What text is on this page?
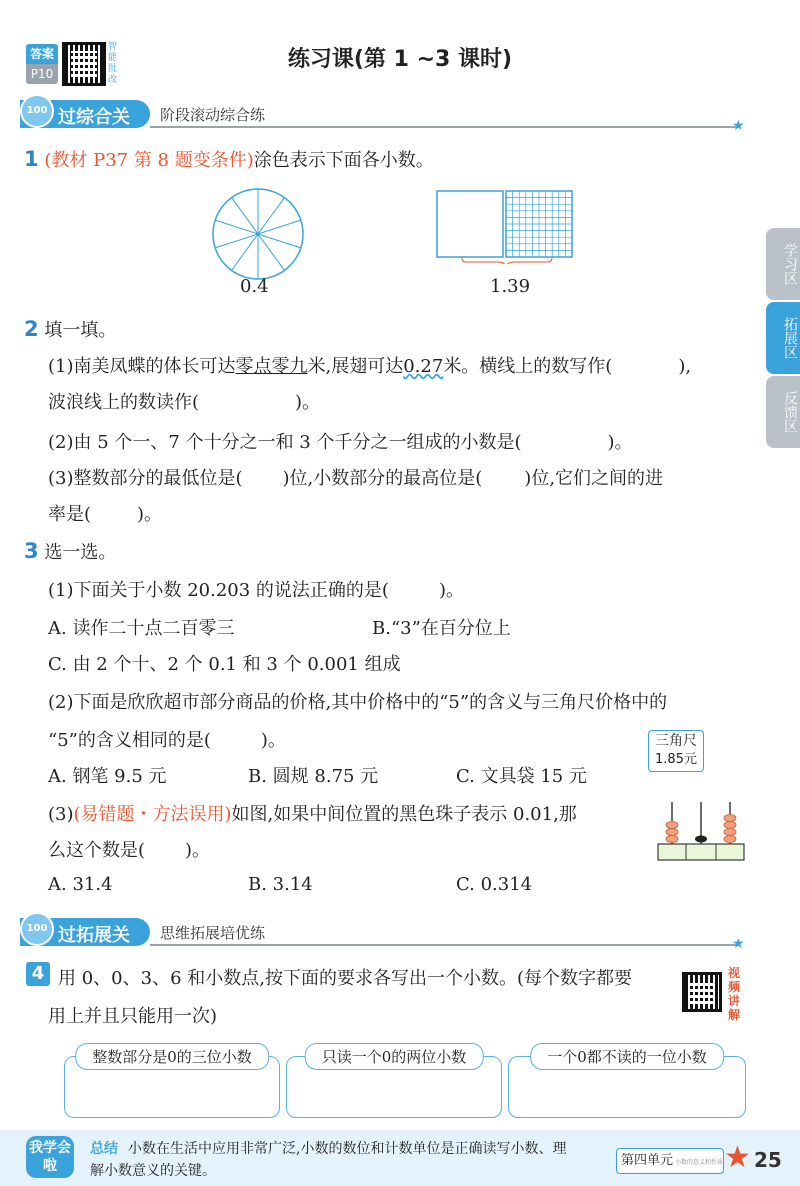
答案
P10
智能批改
练习课(第 1 ~3 课时)
学习区
拓展区
反馈区
过综合关
100	阶段滚动综合练
★
1 (教材 P37 第 8 题变条件)涂色表示下面各小数。
0.4	1.39
2 填一填。
(1)南美凤蝶的体长可达零点零九米,展翅可达0.27米。横线上的数写作(	),
波浪线上的数读作(	)。
(2)由 5 个一、7 个十分之一和 3 个千分之一组成的小数是(	)。
(3)整数部分的最低位是( )位,小数部分的最高位是( )位,它们之间的进
率是(	)。
3 选一选。
(1)下面关于小数 20.203 的说法正确的是(	)。
A. 读作二十点二百零三	B.“3”在百分位上
C. 由 2 个十、2 个 0.1 和 3 个 0.001 组成
(2)下面是欣欣超市部分商品的价格,其中价格中的“5”的含义与三角尺价格中的
“5”的含义相同的是(	)。	三角尺
1.85元
A. 钢笔 9.5 元	B. 圆规 8.75 元	C. 文具袋 15 元
(3)(易错题・方法误用)如图,如果中间位置的黑色珠子表示 0.01,那
么这个数是( )。
A. 31.4	B. 3.14	C. 0.314
过拓展关
100	思维拓展培优练
★
4 用 0、0、3、6 和小数点,按下面的要求各写出一个小数。(每个数字都要
用上并且只能用一次)
视频讲解
整数部分是0的三位小数	只读一个0的两位小数	一个0都不读的一位小数
我学会啦
总结 小数在生活中应用非常广泛,小数的数位和计数单位是正确读写小数、理
解小数意义的关键。
第四单元 小数的意义和性质 ★ 25
